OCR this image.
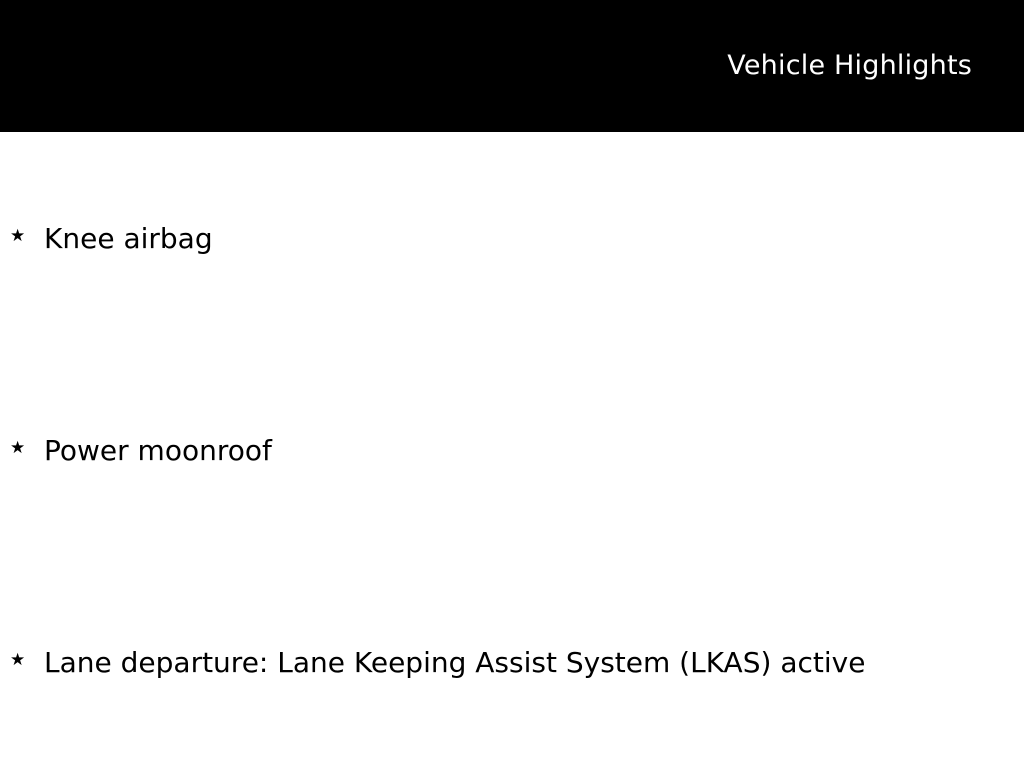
Vehicle Highlights
★ Knee airbag
★ Power moonroof
★ Lane departure: Lane Keeping Assist System (LKAS) active
